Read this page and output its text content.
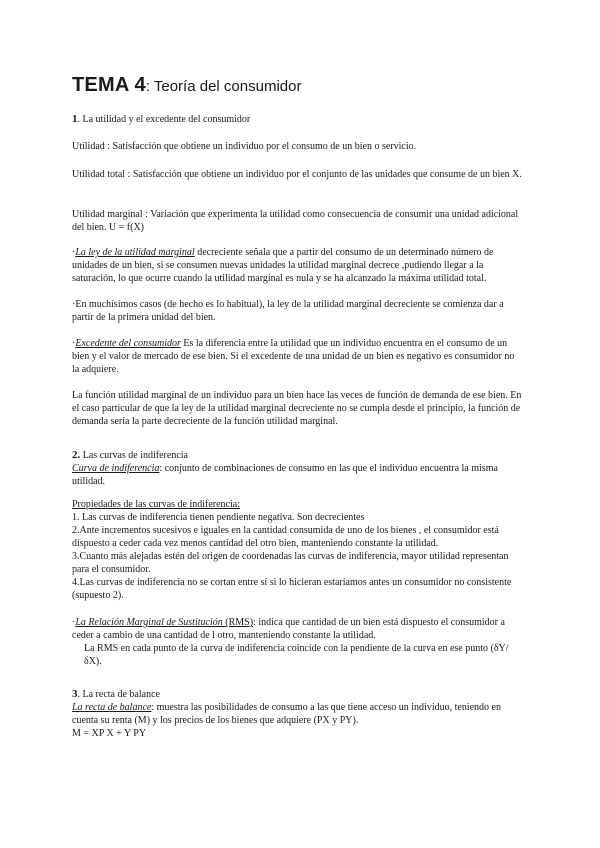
TEMA 4: Teoría del consumidor
1. La utilidad y el excedente del consumidor
Utilidad : Satisfacción que obtiene un individuo por el consumo de un bien o servicio.
Utilidad total : Satisfacción que obtiene un individuo por el conjunto de las unidades que consume de un bien X.
Utilidad marginal : Variación que experimenta la utilidad como consecuencia de consumir una unidad adicional del bien. U = f(X)
·La ley de la utilidad marginal decreciente señala que a partir del consumo de un determinado número de unidades de un bien, si se consumen nuevas unidades la utilidad marginal decrece ,pudiendo llegar a la saturación, lo que ocurre cuando la utilidad marginal es nula y se ha alcanzado la máxima utilidad total.
·En muchísimos casos (de hecho es lo habitual), la ley de la utilidad marginal decreciente se comienza dar a partir de la primera unidad del bien.
·Excedente del consumidor Es la diferencia entre la utilidad que un individuo encuentra en el consumo de un bien y el valor de mercado de ese bien. Si el excedente de una unidad de un bien es negativo es consumidor no la adquiere.
La función utilidad marginal de un individuo para un bien hace las veces de función de demanda de ese bien. En el caso particular de que la ley de la utilidad marginal decreciente no se cumpla desde el principio, la función de demanda sería la parte decreciente de la función utilidad marginal.
2. Las curvas de indiferencia
Curva de indiferencia: conjunto de combinaciones de consumo en las que el individuo encuentra la misma utilidad.
Propiedades de las curvas de indiferencia:
1. Las curvas de indiferencia tienen pendiente negativa. Son decrecientes
2.Ante incrementos sucesivos e iguales en la cantidad consumida de uno de los bienes , el consumidor está dispuesto a ceder cada vez menos cantidad del otro bien, manteniendo constante la utilidad.
3.Cuanto más alejadas estén del origen de coordenadas las curvas de indiferencia, mayor utilidad representan para el consumidor.
4.Las curvas de indiferencia no se cortan entre sí si lo hicieran estaríamos antes un consumidor no consistente (supuesto 2).
·La Relación Marginal de Sustitución (RMS): indica que cantidad de un bien está dispuesto el consumidor a ceder a cambio de una cantidad de l otro, manteniendo constante la utilidad.
La RMS en cada punto de la curva de indiferencia coincide con la pendiente de la curva en ese punto (δY/δX).
3. La recta de balance
La recta de balance: muestra las posibilidades de consumo a las que tiene acceso un individuo, teniendo en cuenta su renta (M) y los precios de los bienes que adquiere (PX y PY).
M = XP X + Y PY
